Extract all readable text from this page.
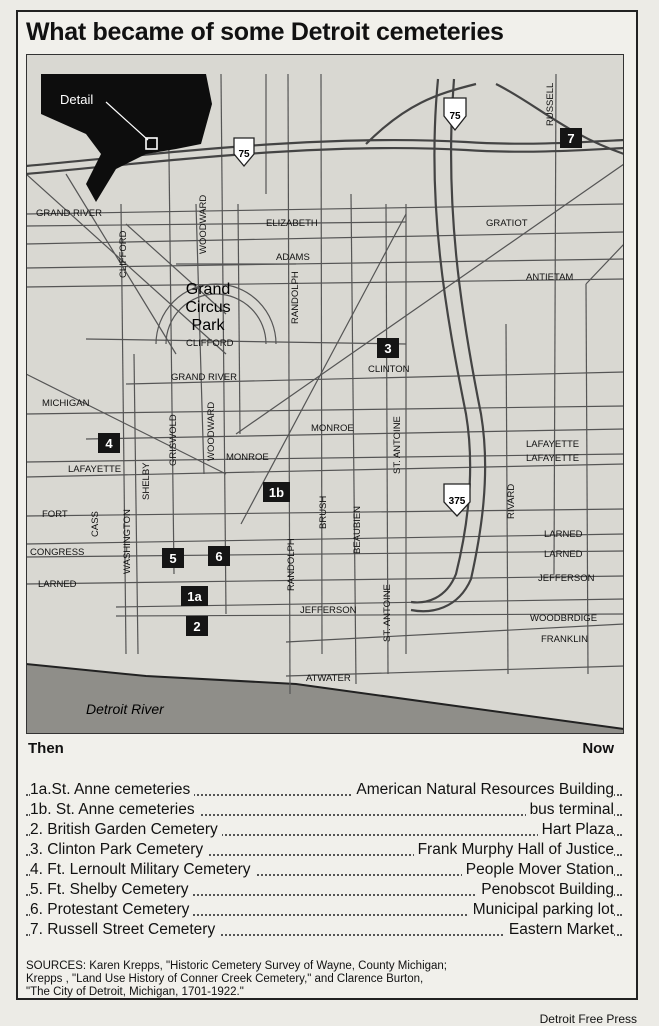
What became of some Detroit cemeteries
Detail
75
75
375
Grand
Circus
Park
Detroit River
RUSSELL
GRAND RIVER
CLIFFORD
WOODWARD	ELIZABETH
ADAMS
GRATIOT
ANTIETAM
RANDOLPH
CLIFFORD
CLINTON
GRAND RIVER
MICHIGAN
MONROE
WOODWARD MONROE	ST. ANTOINE
GRISWOLD
LAFAYETTE
LAFAYETTE
LAFAYETTE
SHELBY
BRUSH BEAUBIEN
RIVARD
CASS WASHINGTON
FORT
CONGRESS	RANDOLPH
LARNED
LARNED
LARNED
JEFFERSON
JEFFERSON	ST. ANTOINE	WOODBRDIGE
FRANKLIN
ATWATER
1a
1b
2
3
4
5	6
7
Then	Now
1a.St. Anne cemeteries	American Natural Resources Building
1b. St. Anne cemeteries	bus terminal
2. British Garden Cemetery	Hart Plaza
3. Clinton Park Cemetery	Frank Murphy Hall of Justice
4. Ft. Lernoult Military Cemetery	People Mover Station
5. Ft. Shelby Cemetery	Penobscot Building
6. Protestant Cemetery	Municipal parking lot
7. Russell Street Cemetery	Eastern Market
SOURCES: Karen Krepps, "Historic Cemetery Survey of Wayne, County Michigan;
Krepps , "Land Use History of Conner Creek Cemetery," and Clarence Burton,
"The City of Detroit, Michigan, 1701-1922."
Detroit Free Press
